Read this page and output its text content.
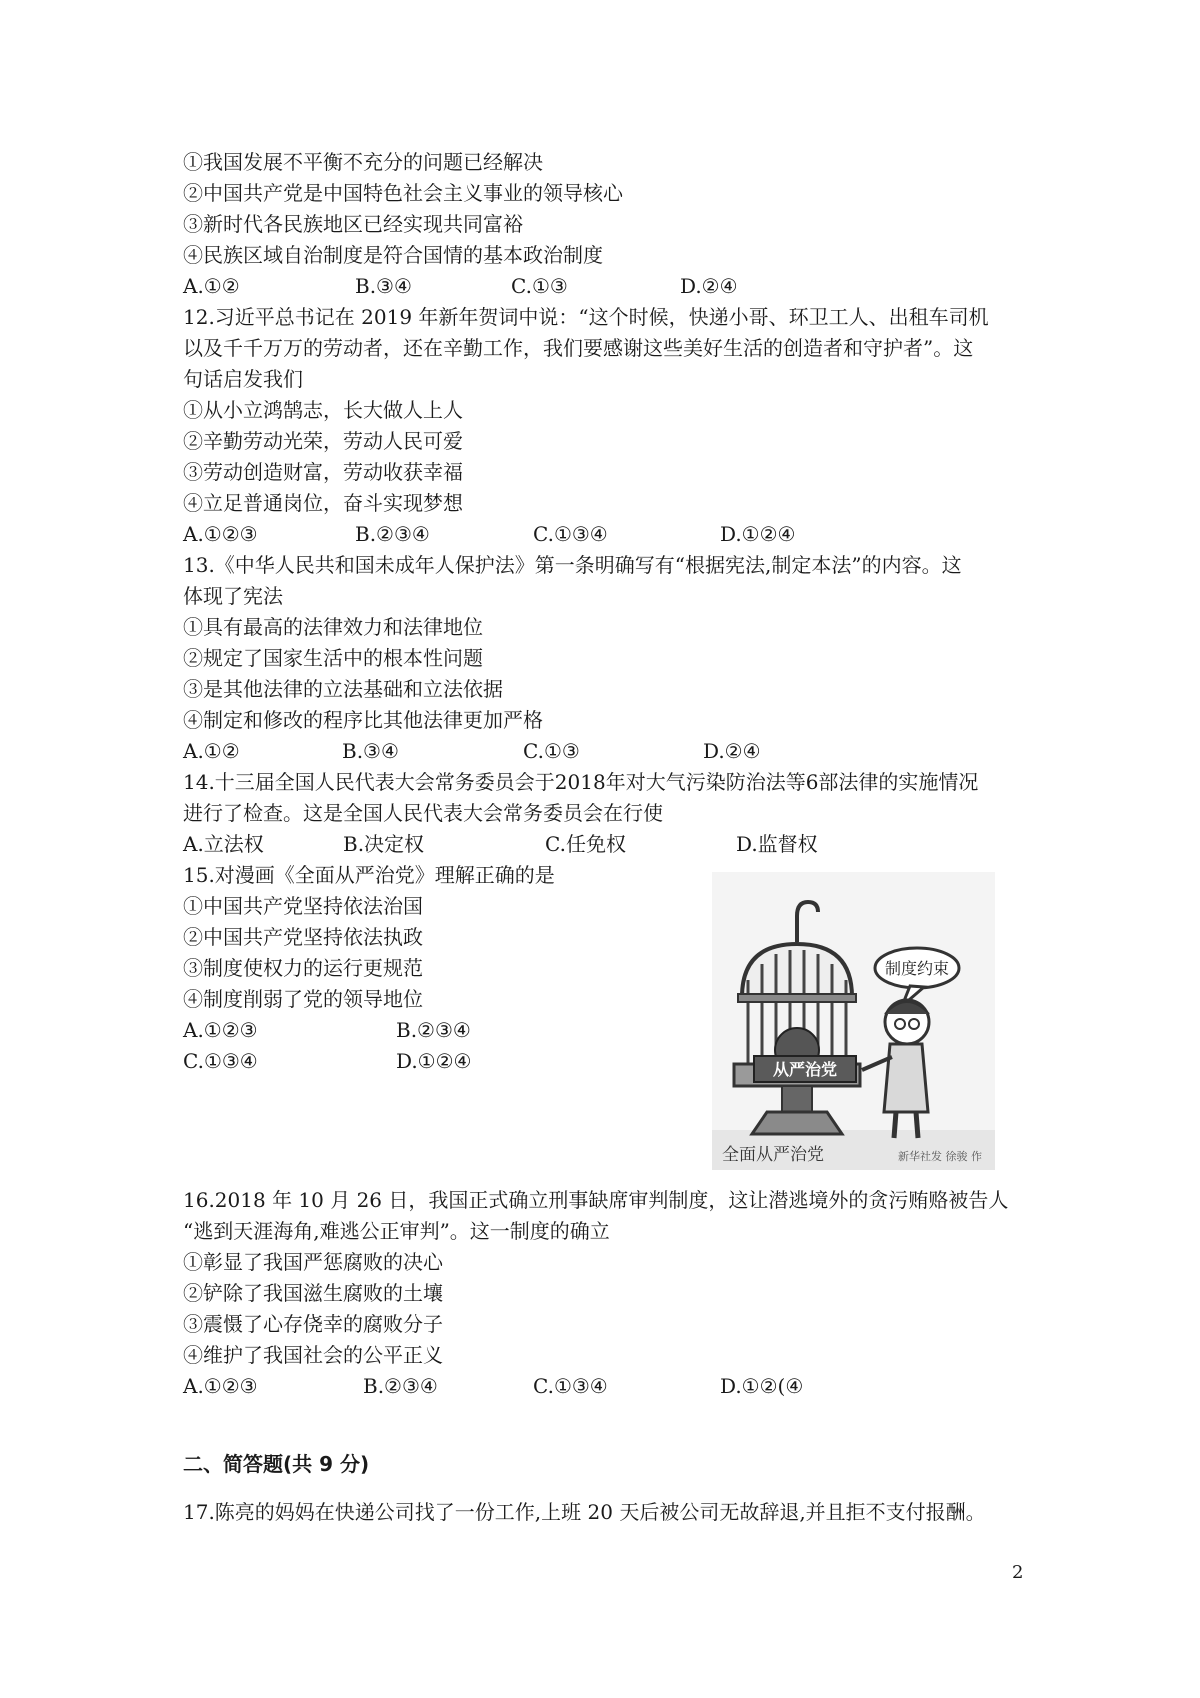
①我国发展不平衡不充分的问题已经解决
②中国共产党是中国特色社会主义事业的领导核心
③新时代各民族地区已经实现共同富裕
④民族区域自治制度是符合国情的基本政治制度
A.①②	B.③④	C.①③	D.②④
12.习近平总书记在 2019 年新年贺词中说：“这个时候，快递小哥、环卫工人、出租车司机
以及千千万万的劳动者，还在辛勤工作，我们要感谢这些美好生活的创造者和守护者”。这
句话启发我们
①从小立鸿鹄志，长大做人上人
②辛勤劳动光荣，劳动人民可爱
③劳动创造财富，劳动收获幸福
④立足普通岗位，奋斗实现梦想
A.①②③	B.②③④	C.①③④	D.①②④
13.《中华人民共和国未成年人保护法》第一条明确写有“根据宪法,制定本法”的内容。这
体现了宪法
①具有最高的法律效力和法律地位
②规定了国家生活中的根本性问题
③是其他法律的立法基础和立法依据
④制定和修改的程序比其他法律更加严格
A.①②	B.③④	C.①③	D.②④
14.十三届全国人民代表大会常务委员会于2018年对大气污染防治法等6部法律的实施情况
进行了检查。这是全国人民代表大会常务委员会在行使
A.立法权	B.决定权	C.任免权	D.监督权
15.对漫画《全面从严治党》理解正确的是
①中国共产党坚持依法治国
②中国共产党坚持依法执政
③制度使权力的运行更规范
④制度削弱了党的领导地位
A.①②③	B.②③④
C.①③④	D.①②④	从严治党
制度约束
全面从严治党	新华社发 徐骏 作
16.2018 年 10 月 26 日，我国正式确立刑事缺席审判制度，这让潜逃境外的贪污贿赂被告人
“逃到天涯海角,难逃公正审判”。这一制度的确立
①彰显了我国严惩腐败的决心
②铲除了我国滋生腐败的土壤
③震慑了心存侥幸的腐败分子
④维护了我国社会的公平正义
A.①②③	B.②③④	C.①③④	D.①②(④
二、简答题(共 9 分)
17.陈亮的妈妈在快递公司找了一份工作,上班 20 天后被公司无故辞退,并且拒不支付报酬。
2
